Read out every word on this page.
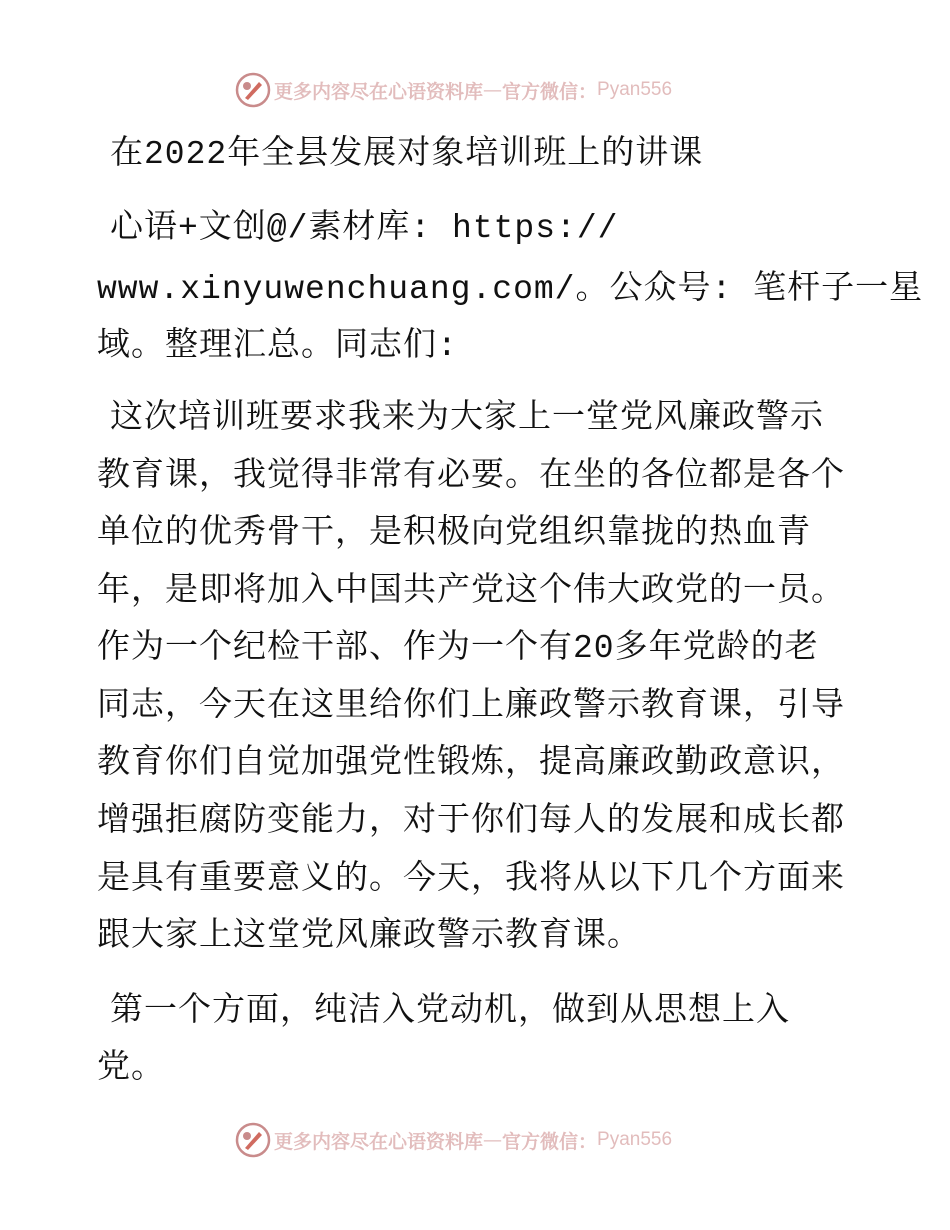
更多内容尽在心语资料库 — 官方微信： Pyan556
在2022年全县发展对象培训班上的讲课
心语+文创@/素材库: https://
www.xinyuwenchuang.com/。公众号: 笔杆子一星
域。整理汇总。同志们:
这次培训班要求我来为大家上一堂党风廉政警示
教育课，我觉得非常有必要。在坐的各位都是各个
单位的优秀骨干，是积极向党组织靠拢的热血青
年，是即将加入中国共产党这个伟大政党的一员。
作为一个纪检干部、作为一个有20多年党龄的老
同志，今天在这里给你们上廉政警示教育课，引导
教育你们自觉加强党性锻炼，提高廉政勤政意识，
增强拒腐防变能力，对于你们每人的发展和成长都
是具有重要意义的。今天，我将从以下几个方面来
跟大家上这堂党风廉政警示教育课。
第一个方面，纯洁入党动机，做到从思想上入
党。
更多内容尽在心语资料库 — 官方微信： Pyan556
